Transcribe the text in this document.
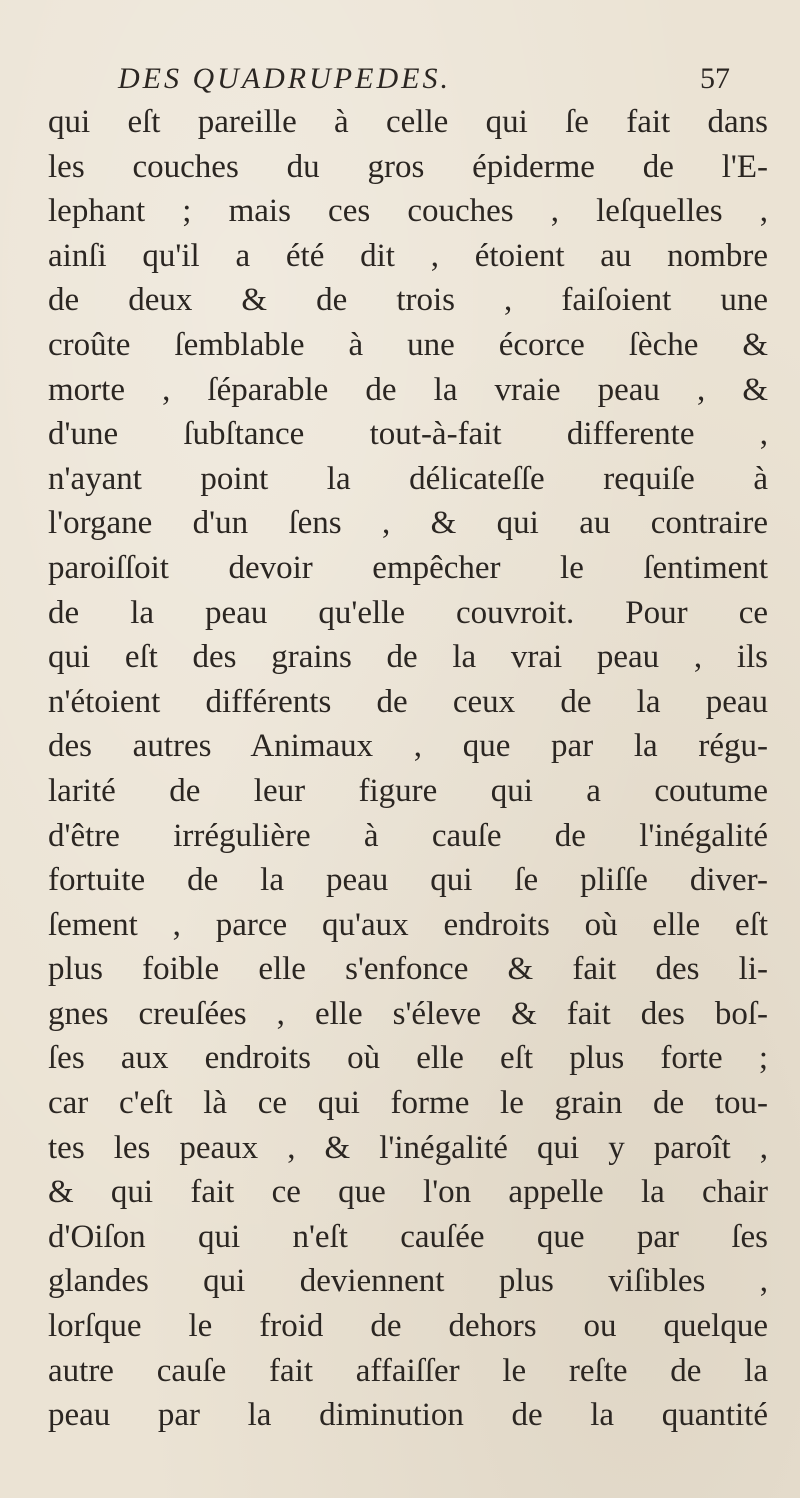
DES QUADRUPEDES.	57
qui eſt pareille à celle qui ſe fait dans
les couches du gros épiderme de l'E-
lephant ; mais ces couches , leſquelles ,
ainſi qu'il a été dit , étoient au nombre
de deux & de trois , faiſoient une
croûte ſemblable à une écorce ſèche &
morte , ſéparable de la vraie peau , &
d'une ſubſtance tout-à-fait differente ,
n'ayant point la délicateſſe requiſe à
l'organe d'un ſens , & qui au contraire
paroiſſoit devoir empêcher le ſentiment
de la peau qu'elle couvroit. Pour ce
qui eſt des grains de la vrai peau , ils
n'étoient différents de ceux de la peau
des autres Animaux , que par la régu-
larité de leur figure qui a coutume
d'être irrégulière à cauſe de l'inégalité
fortuite de la peau qui ſe pliſſe diver-
ſement , parce qu'aux endroits où elle eſt
plus foible elle s'enfonce & fait des li-
gnes creuſées , elle s'éleve & fait des boſ-
ſes aux endroits où elle eſt plus forte ;
car c'eſt là ce qui forme le grain de tou-
tes les peaux , & l'inégalité qui y paroît ,
& qui fait ce que l'on appelle la chair
d'Oiſon qui n'eſt cauſée que par ſes
glandes qui deviennent plus viſibles ,
lorſque le froid de dehors ou quelque
autre cauſe fait affaiſſer le reſte de la
peau par la diminution de la quantité
